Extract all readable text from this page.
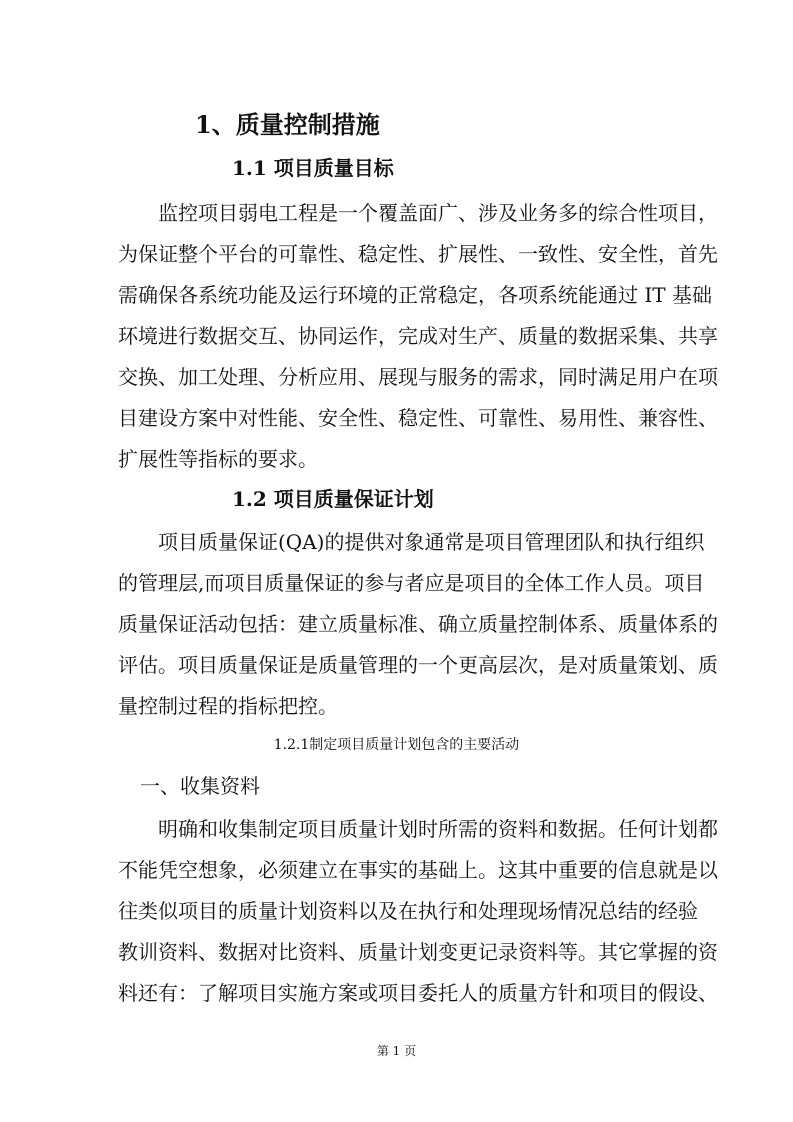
1、质量控制措施
1.1 项目质量目标
监控项目弱电工程是一个覆盖面广、涉及业务多的综合性项目，
为保证整个平台的可靠性、稳定性、扩展性、一致性、安全性，首先
需确保各系统功能及运行环境的正常稳定，各项系统能通过 IT 基础
环境进行数据交互、协同运作，完成对生产、质量的数据采集、共享
交换、加工处理、分析应用、展现与服务的需求，同时满足用户在项
目建设方案中对性能、安全性、稳定性、可靠性、易用性、兼容性、
扩展性等指标的要求。
1.2 项目质量保证计划
项目质量保证(QA)的提供对象通常是项目管理团队和执行组织
的管理层,而项目质量保证的参与者应是项目的全体工作人员。项目
质量保证活动包括：建立质量标准、确立质量控制体系、质量体系的
评估。项目质量保证是质量管理的一个更高层次，是对质量策划、质
量控制过程的指标把控。
1.2.1制定项目质量计划包含的主要活动
一、收集资料
明确和收集制定项目质量计划时所需的资料和数据。任何计划都
不能凭空想象，必须建立在事实的基础上。这其中重要的信息就是以
往类似项目的质量计划资料以及在执行和处理现场情况总结的经验
教训资料、数据对比资料、质量计划变更记录资料等。其它掌握的资
料还有：了解项目实施方案或项目委托人的质量方针和项目的假设、
第 1 页
